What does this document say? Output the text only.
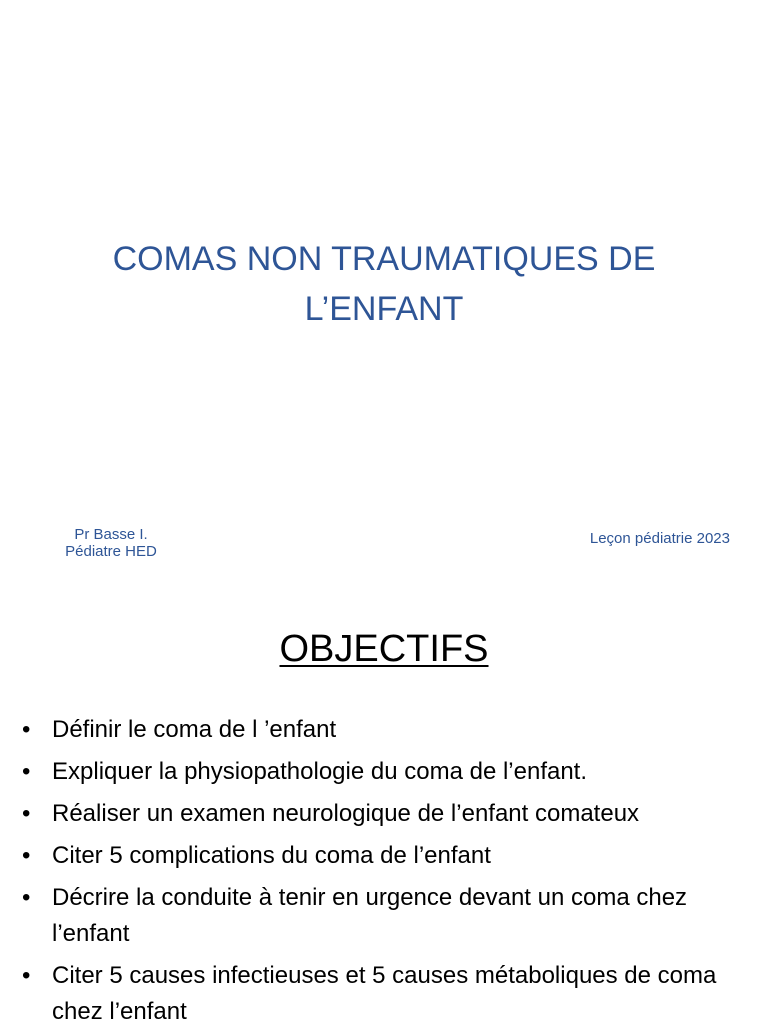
COMAS NON TRAUMATIQUES DE
L’ENFANT
Pr Basse I.
Pédiatre HED
Leçon pédiatrie 2023
OBJECTIFS
• Définir le coma de l ’enfant
• Expliquer la physiopathologie du coma de l’enfant.
• Réaliser un examen neurologique de l’enfant comateux
• Citer 5 complications du coma de l’enfant
• Décrire la conduite à tenir en urgence devant un coma chez l’enfant
• Citer 5 causes infectieuses et 5 causes métaboliques de coma chez l’enfant
